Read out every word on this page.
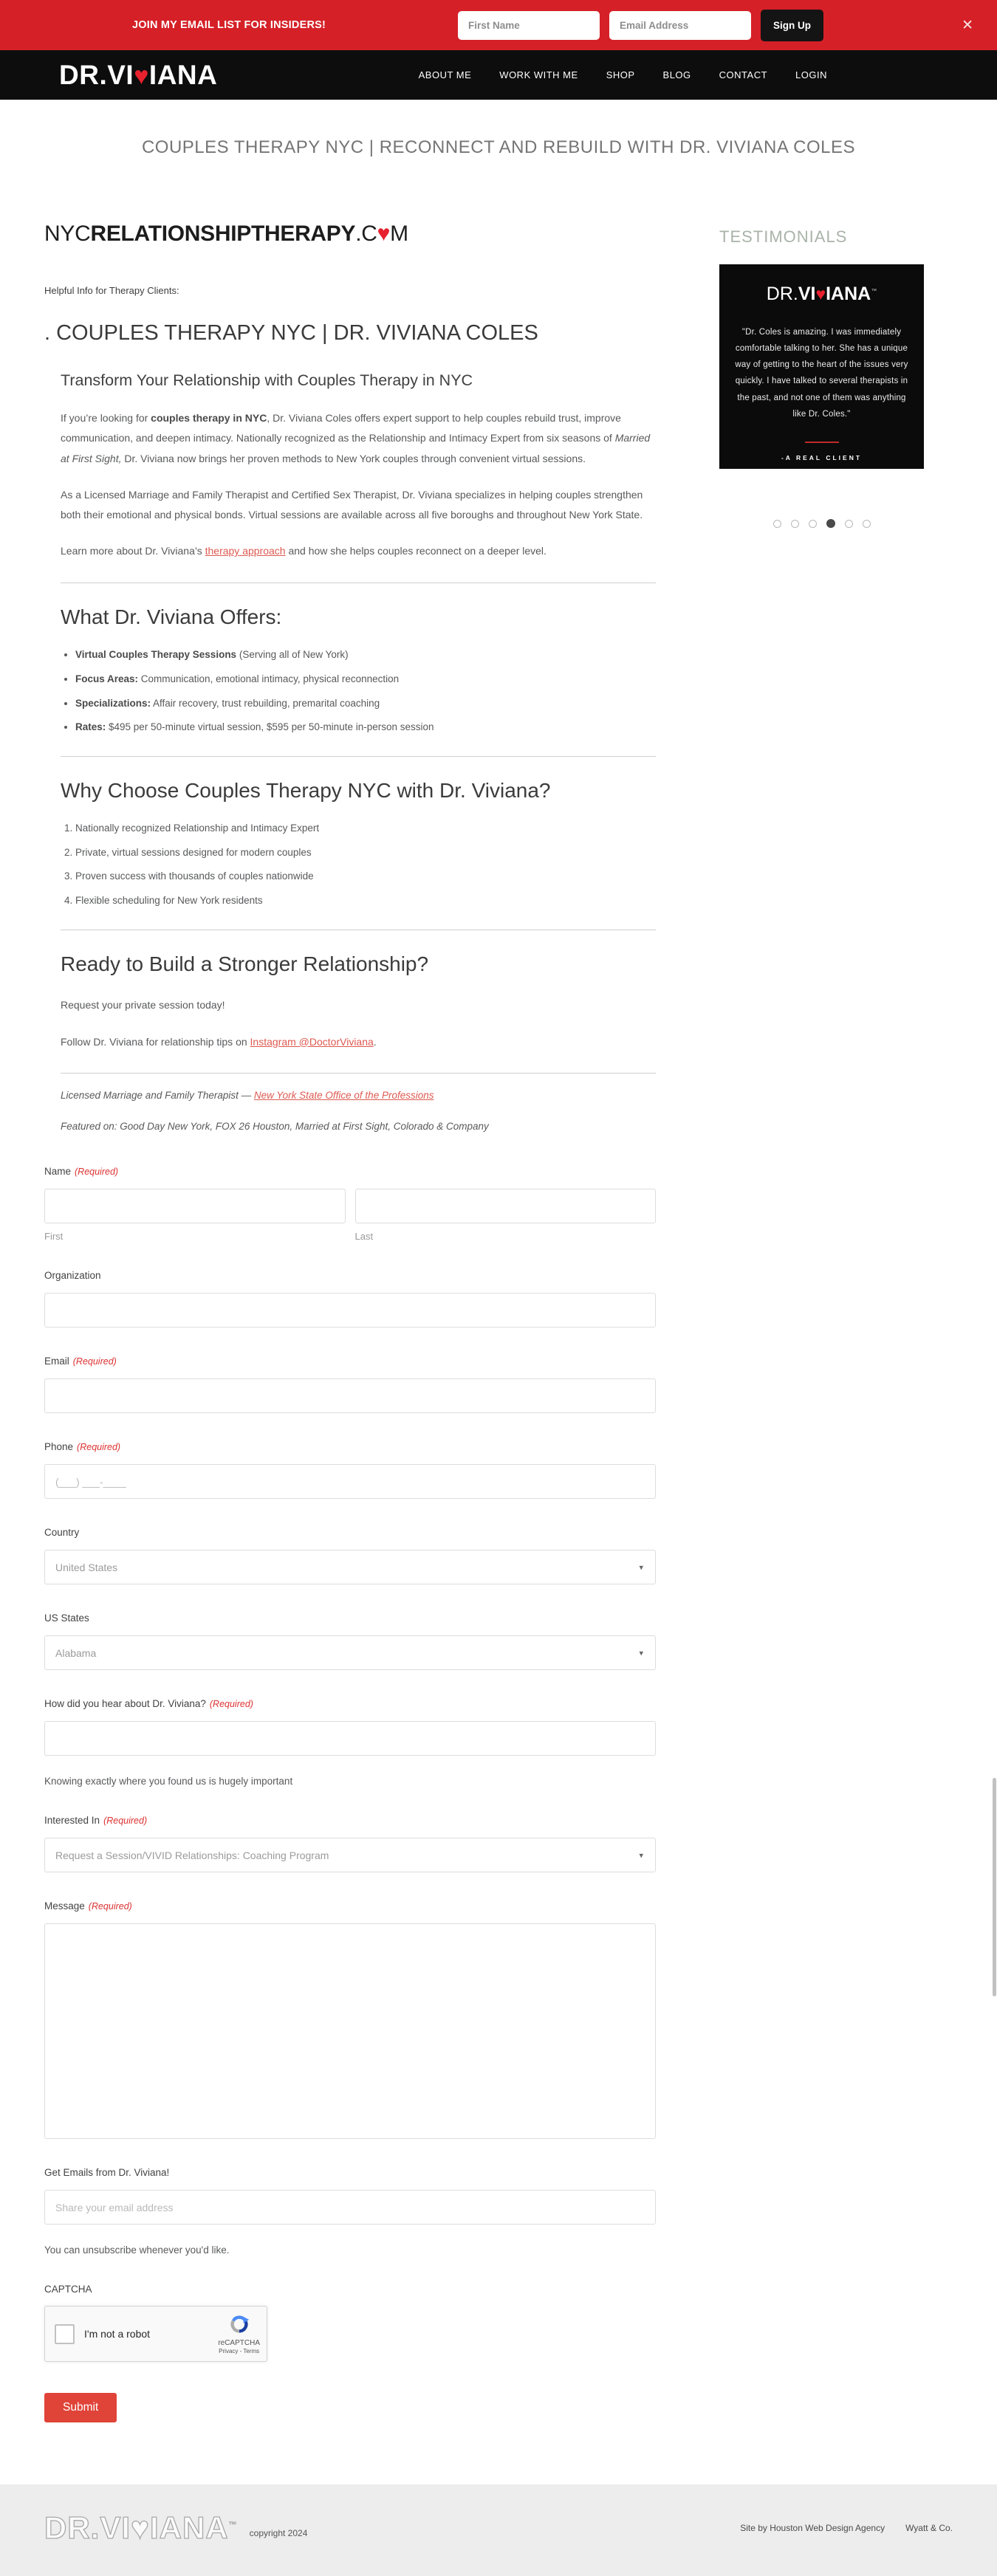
JOIN MY EMAIL LIST FOR INSIDERS!
First Name
Email Address	Sign Up	✕
DR.VI♥IANA	ABOUT ME	WORK WITH ME	SHOP	BLOG	CONTACT	LOGIN
COUPLES THERAPY NYC | RECONNECT AND REBUILD WITH DR. VIVIANA COLES
NYCRELATIONSHIPTHERAPY.C♥M
Helpful Info for Therapy Clients:
. COUPLES THERAPY NYC | DR. VIVIANA COLES
Transform Your Relationship with Couples Therapy in NYC

If you’re looking for couples therapy in NYC, Dr. Viviana Coles offers expert support to help couples rebuild trust, improve communication, and deepen intimacy. Nationally recognized as the Relationship and Intimacy Expert from six seasons of Married at First Sight, Dr. Viviana now brings her proven methods to New York couples through convenient virtual sessions.

As a Licensed Marriage and Family Therapist and Certified Sex Therapist, Dr. Viviana specializes in helping couples strengthen both their emotional and physical bonds. Virtual sessions are available across all five boroughs and throughout New York State.

Learn more about Dr. Viviana’s therapy approach and how she helps couples reconnect on a deeper level.

What Dr. Viviana Offers:
• Virtual Couples Therapy Sessions (Serving all of New York)
• Focus Areas: Communication, emotional intimacy, physical reconnection
• Specializations: Affair recovery, trust rebuilding, premarital coaching
• Rates: $495 per 50-minute virtual session, $595 per 50-minute in-person session
Why Choose Couples Therapy NYC with Dr. Viviana?
1. Nationally recognized Relationship and Intimacy Expert
2. Private, virtual sessions designed for modern couples
3. Proven success with thousands of couples nationwide
4. Flexible scheduling for New York residents
Ready to Build a Stronger Relationship?

Request your private session today!

Follow Dr. Viviana for relationship tips on Instagram @DoctorViviana.

Licensed Marriage and Family Therapist — New York State Office of the Professions

Featured on: Good Day New York, FOX 26 Houston, Married at First Sight, Colorado & Company

Name (Required)
First	Last
Organization
Email (Required)
Phone (Required)
(___) ___-____
Country
United States	▾
US States
Alabama	▾
How did you hear about Dr. Viviana? (Required)
Knowing exactly where you found us is hugely important
Interested In (Required)
Request a Session/VIVID Relationships: Coaching Program	▾
Message (Required)
Get Emails from Dr. Viviana!
Share your email address
You can unsubscribe whenever you'd like.
CAPTCHA
I'm not a robot
reCAPTCHA
Privacy - Terms
Submit
TESTIMONIALS
DR.VI♥IANA™
"Dr. Coles is amazing. I was immediately comfortable talking to her. She has a unique way of getting to the heart of the issues very quickly. I have talked to several therapists in the past, and not one of them was anything like Dr. Coles."
-A REAL CLIENT
DR.VI♥IANA™
copyright 2024	Site by Houston Web Design Agency Wyatt & Co.
